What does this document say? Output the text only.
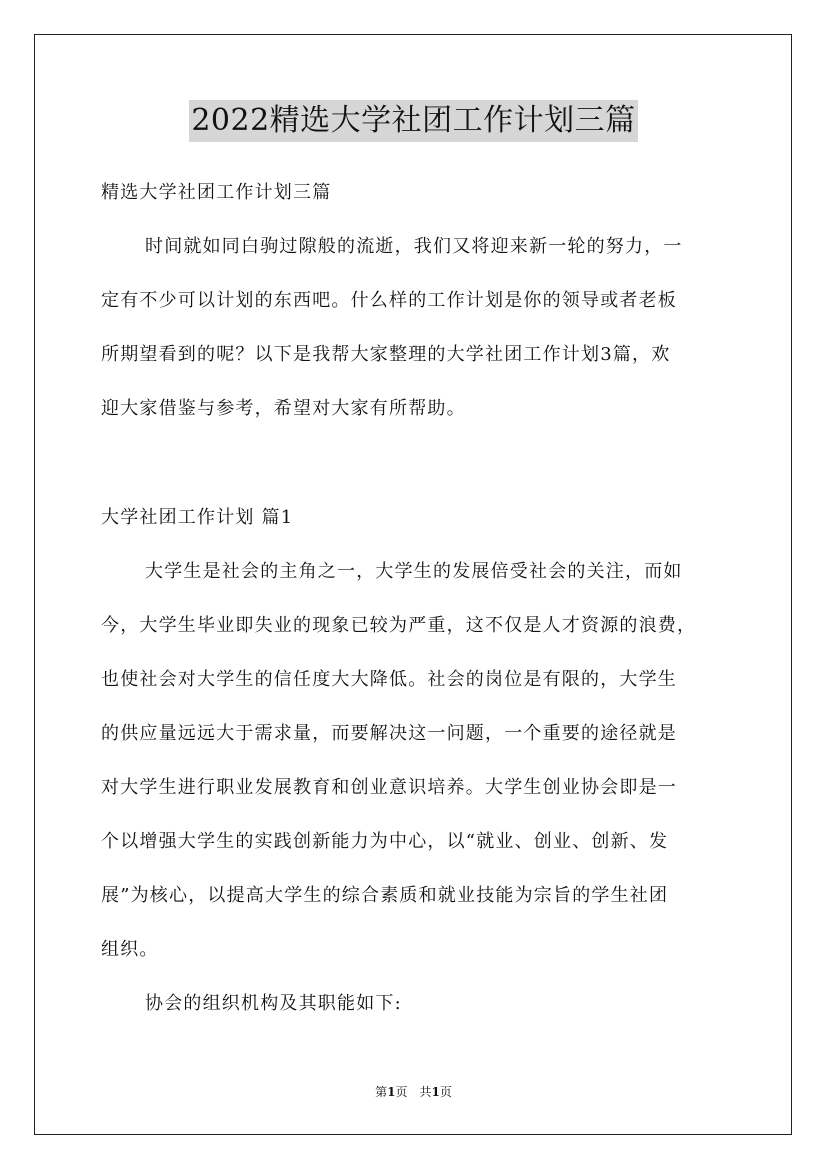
2022精选大学社团工作计划三篇

精选大学社团工作计划三篇

时间就如同白驹过隙般的流逝，我们又将迎来新一轮的努力，一

定有不少可以计划的东西吧。什么样的工作计划是你的领导或者老板

所期望看到的呢？以下是我帮大家整理的大学社团工作计划3篇，欢

迎大家借鉴与参考，希望对大家有所帮助。

大学社团工作计划 篇1

大学生是社会的主角之一，大学生的发展倍受社会的关注，而如

今，大学生毕业即失业的现象已较为严重，这不仅是人才资源的浪费，

也使社会对大学生的信任度大大降低。社会的岗位是有限的，大学生

的供应量远远大于需求量，而要解决这一问题，一个重要的途径就是

对大学生进行职业发展教育和创业意识培养。大学生创业协会即是一

个以增强大学生的实践创新能力为中心，以“就业、创业、创新、发

展”为核心，以提高大学生的综合素质和就业技能为宗旨的学生社团

组织。

协会的组织机构及其职能如下:

第1页　共1页
